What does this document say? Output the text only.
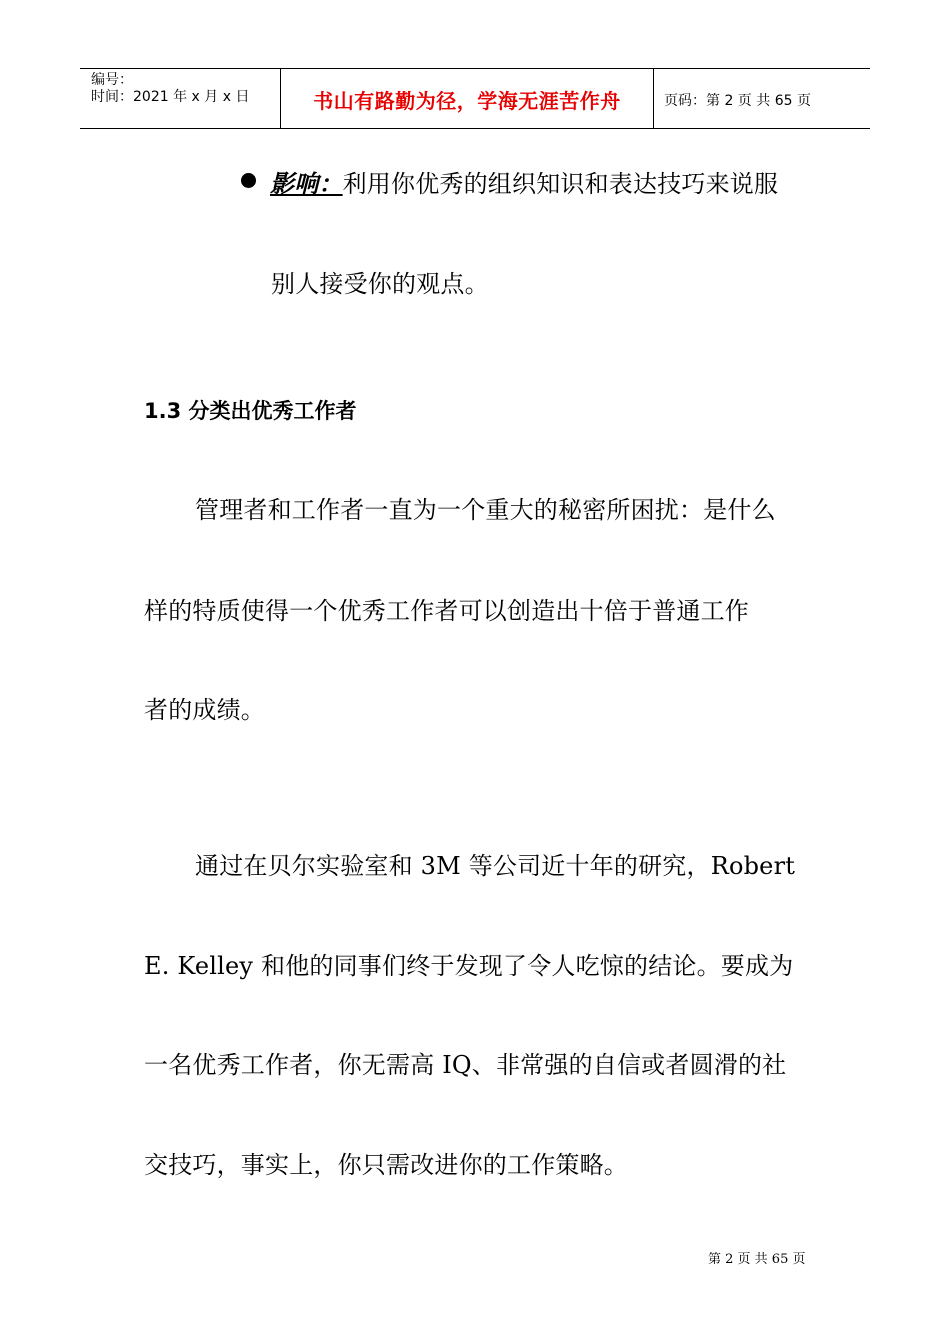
编号：
时间：2021 年 x 月 x 日	书山有路勤为径，学海无涯苦作舟	页码：第 2 页 共 65 页
影响：利用你优秀的组织知识和表达技巧来说服
别人接受你的观点。
1.3 分类出优秀工作者
管理者和工作者一直为一个重大的秘密所困扰：是什么
样的特质使得一个优秀工作者可以创造出十倍于普通工作
者的成绩。
通过在贝尔实验室和 3M 等公司近十年的研究，Robert
E. Kelley 和他的同事们终于发现了令人吃惊的结论。要成为
一名优秀工作者，你无需高 IQ、非常强的自信或者圆滑的社
交技巧，事实上，你只需改进你的工作策略。
第 2 页 共 65 页
